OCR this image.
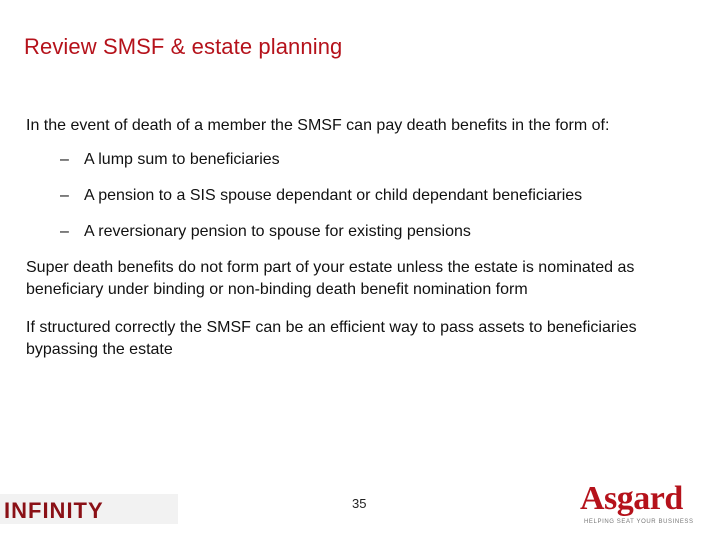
Review SMSF & estate planning

In the event of death of a member the SMSF can pay death benefits in the form of:

– A lump sum to beneficiaries
– A pension to a SIS spouse dependant or child dependant beneficiaries
– A reversionary pension to spouse for existing pensions

Super death benefits do not form part of your estate unless the estate is nominated as beneficiary under binding or non-binding death benefit nomination form

If structured correctly the SMSF can be an efficient way to pass assets to beneficiaries bypassing the estate

INFINITY	35	Asgard
HELPING SEAT YOUR BUSINESS
